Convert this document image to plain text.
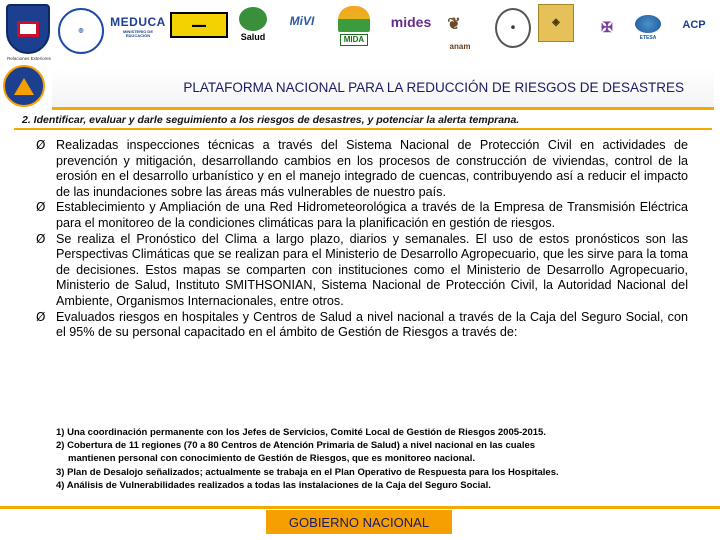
Relaciones Exteriores
◎
MEDUCA
MINISTERIO DE EDUCACIÓN
▬▬
Salud
MiVI
MIDA
mides ❦
anam
✺	◈	✠
ETESA
ACP
PLATAFORMA NACIONAL PARA LA REDUCCIÓN DE RIESGOS DE DESASTRES
2. Identificar, evaluar y darle seguimiento a los riesgos de desastres, y potenciar la alerta temprana.
Ø Realizadas inspecciones técnicas a través del Sistema Nacional de Protección Civil en actividades de prevención y mitigación, desarrollando cambios en los procesos de construcción de viviendas, control de la erosión en el desarrollo urbanístico y en el manejo integrado de cuencas, contribuyendo así a reducir el impacto de las inundaciones sobre las áreas más vulnerables de nuestro país.
Ø Establecimiento y Ampliación de una Red Hidrometeorológica a través de la Empresa de Transmisión Eléctrica para el monitoreo de la condiciones climáticas para la planificación en gestión de riesgos.
Ø Se realiza el Pronóstico del Clima a largo plazo, diarios y semanales. El uso de estos pronósticos son las Perspectivas Climáticas que se realizan para el Ministerio de Desarrollo Agropecuario, que les sirve para la toma de decisiones. Estos mapas se comparten con instituciones como el Ministerio de Desarrollo Agropecuario, Ministerio de Salud, Instituto SMITHSONIAN, Sistema Nacional de Protección Civil, la Autoridad Nacional del Ambiente, Organismos Internacionales, entre otros.
Ø Evaluados riesgos en hospitales y Centros de Salud a nivel nacional a través de la Caja del Seguro Social, con el 95% de su personal capacitado en el ámbito de Gestión de Riesgos a través de:
1) Una coordinación permanente con los Jefes de Servicios, Comité Local de Gestión de Riesgos 2005-2015.
2) Cobertura de 11 regiones (70 a 80 Centros de Atención Primaria de Salud) a nivel nacional en las cuales
mantienen personal con conocimiento de Gestión de Riesgos, que es monitoreo nacional.
3) Plan de Desalojo señalizados; actualmente se trabaja en el Plan Operativo de Respuesta para los Hospitales.
4) Análisis de Vulnerabilidades realizados a todas las instalaciones de la Caja del Seguro Social.
GOBIERNO NACIONAL
